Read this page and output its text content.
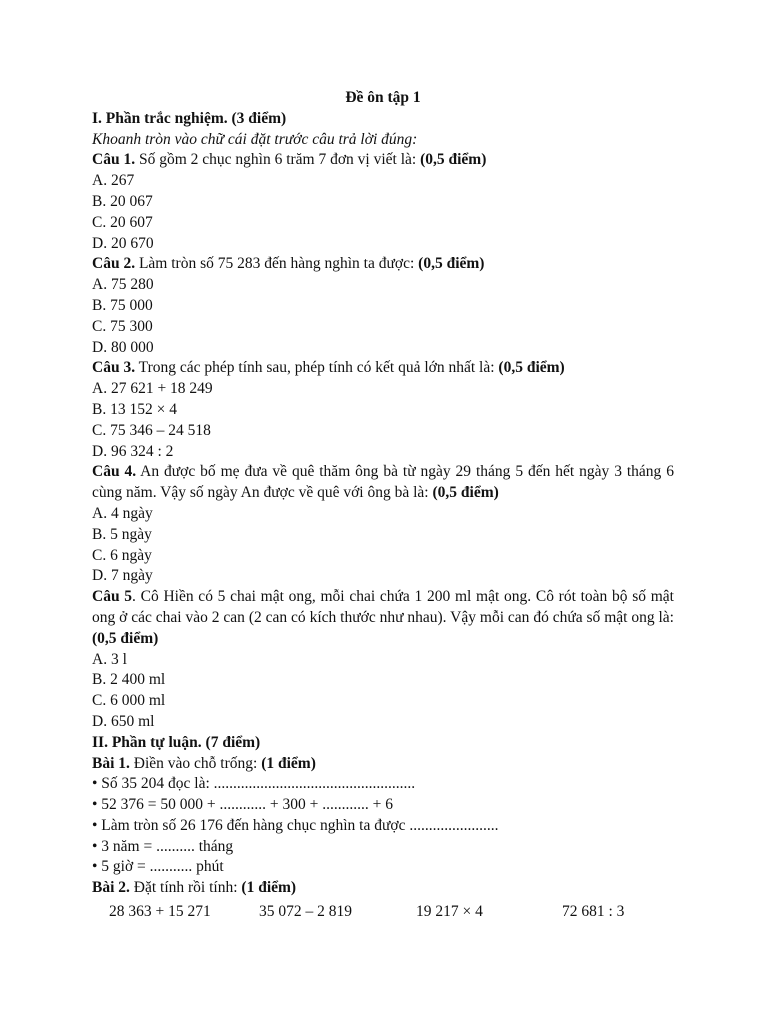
Đề ôn tập 1
I. Phần trắc nghiệm. (3 điểm)
Khoanh tròn vào chữ cái đặt trước câu trả lời đúng:
Câu 1. Số gồm 2 chục nghìn 6 trăm 7 đơn vị viết là: (0,5 điểm)
A. 267
B. 20 067
C. 20 607
D. 20 670
Câu 2. Làm tròn số 75 283 đến hàng nghìn ta được: (0,5 điểm)
A. 75 280
B. 75 000
C. 75 300
D. 80 000
Câu 3. Trong các phép tính sau, phép tính có kết quả lớn nhất là: (0,5 điểm)
A. 27 621 + 18 249
B. 13 152 × 4
C. 75 346 – 24 518
D. 96 324 : 2
Câu 4. An được bố mẹ đưa về quê thăm ông bà từ ngày 29 tháng 5 đến hết ngày 3 tháng 6 cùng năm. Vậy số ngày An được về quê với ông bà là: (0,5 điểm)
A. 4 ngày
B. 5 ngày
C. 6 ngày
D. 7 ngày
Câu 5. Cô Hiền có 5 chai mật ong, mỗi chai chứa 1 200 ml mật ong. Cô rót toàn bộ số mật ong ở các chai vào 2 can (2 can có kích thước như nhau). Vậy mỗi can đó chứa số mật ong là: (0,5 điểm)
A. 3 l
B. 2 400 ml
C. 6 000 ml
D. 650 ml
II. Phần tự luận. (7 điểm)
Bài 1. Điền vào chỗ trống: (1 điểm)
• Số 35 204 đọc là: ....................................................
• 52 376 = 50 000 + ............ + 300 + ............ + 6
• Làm tròn số 26 176 đến hàng chục nghìn ta được .......................
• 3 năm = .......... tháng
• 5 giờ = ........... phút
Bài 2. Đặt tính rồi tính: (1 điểm)
28 363 + 15 271	35 072 – 2 819	19 217 × 4	72 681 : 3
